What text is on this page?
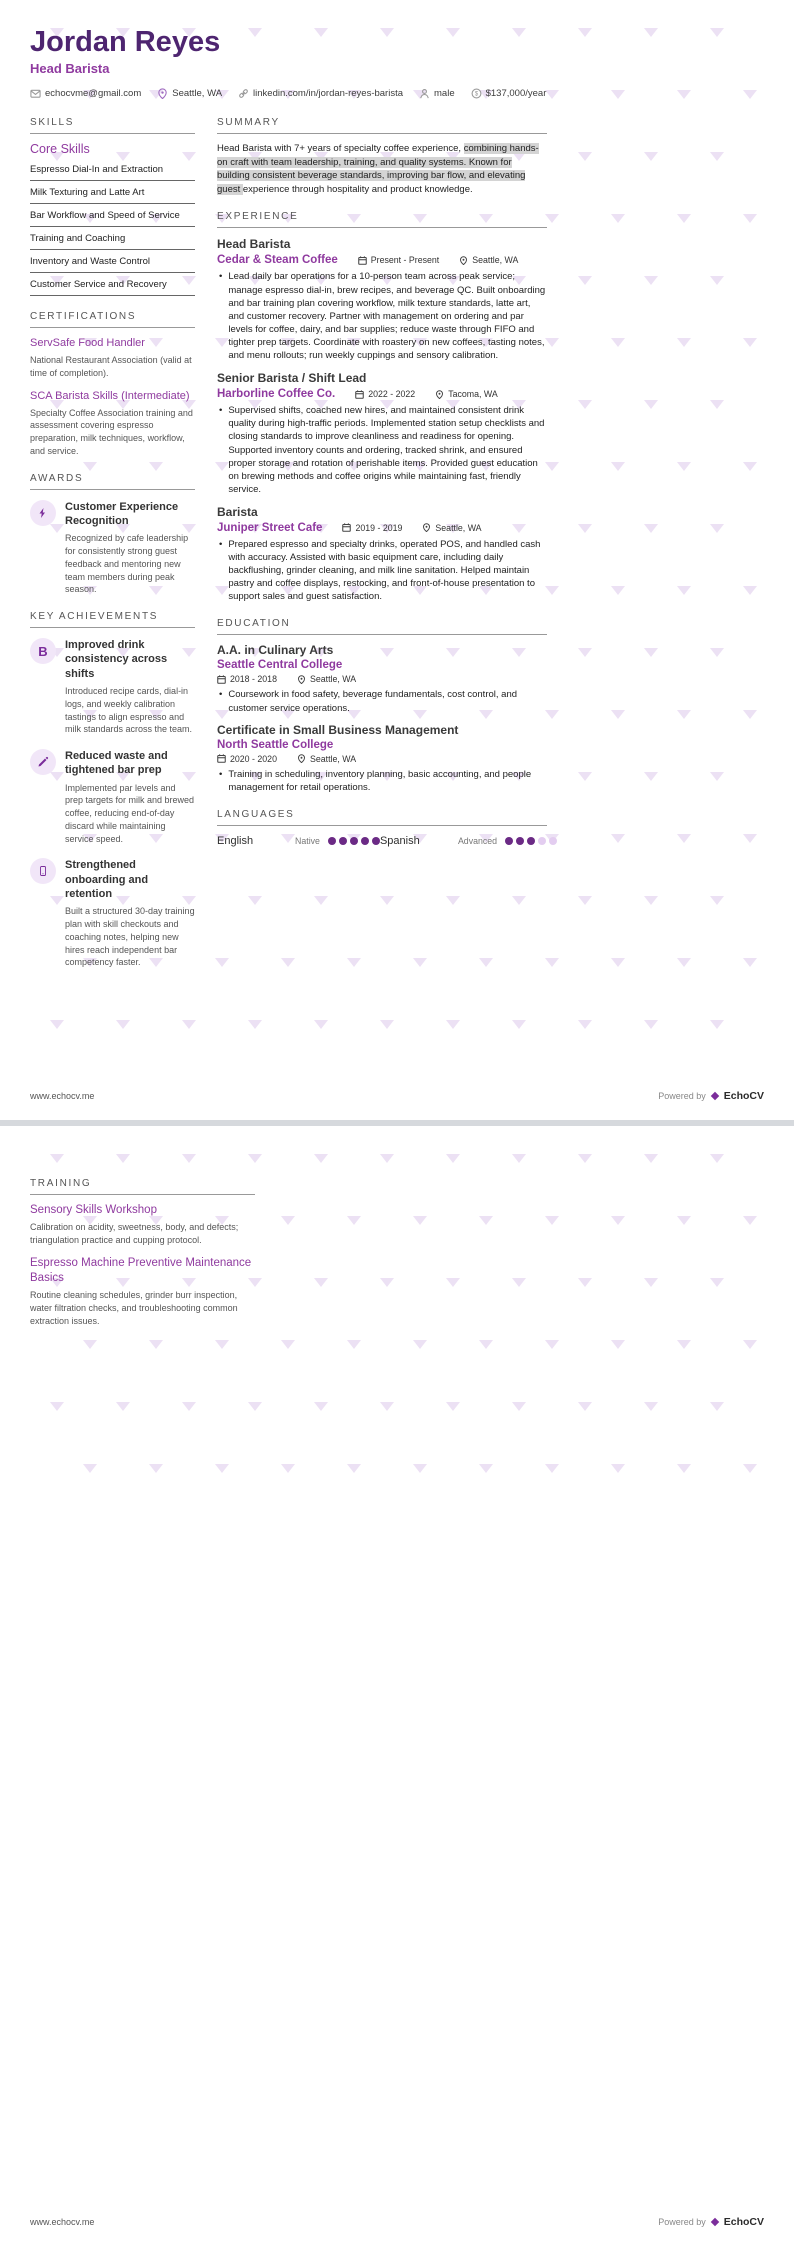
Jordan Reyes
Head Barista
echocvme@gmail.com	Seattle, WA	linkedin.com/in/jordan-reyes-barista	male	$ $137,000/year
SKILLS
Core Skills
Espresso Dial-In and Extraction
Milk Texturing and Latte Art
Bar Workflow and Speed of Service
Training and Coaching
Inventory and Waste Control
Customer Service and Recovery
CERTIFICATIONS
ServSafe Food Handler
National Restaurant Association (valid at time of completion).
SCA Barista Skills (Intermediate)
Specialty Coffee Association training and assessment covering espresso preparation, milk techniques, workflow, and service.
AWARDS
Customer Experience Recognition
Recognized by cafe leadership for consistently strong guest feedback and mentoring new team members during peak season.
KEY ACHIEVEMENTS
B Improved drink consistency across shifts
Introduced recipe cards, dial-in logs, and weekly calibration tastings to align espresso and milk standards across the team.
Reduced waste and tightened bar prep
Implemented par levels and prep targets for milk and brewed coffee, reducing end-of-day discard while maintaining service speed.
Strengthened onboarding and retention
Built a structured 30-day training plan with skill checkouts and coaching notes, helping new hires reach independent bar competency faster.
SUMMARY

Head Barista with 7+ years of specialty coffee experience, combining hands-on craft with team leadership, training, and quality systems. Known for building consistent beverage standards, improving bar flow, and elevating guest experience through hospitality and product knowledge.

EXPERIENCE
Head Barista
Cedar & Steam Coffee	Present - Present	Seattle, WA
• Lead daily bar operations for a 10-person team across peak service; manage espresso dial-in, brew recipes, and beverage QC. Built onboarding and bar training plan covering workflow, milk texture standards, latte art, and customer recovery. Partner with management on ordering and par levels for coffee, dairy, and bar supplies; reduce waste through FIFO and tighter prep targets. Coordinate with roastery on new coffees, tasting notes, and menu rollouts; run weekly cuppings and sensory calibration.
Senior Barista / Shift Lead
Harborline Coffee Co.	2022 - 2022	Tacoma, WA
• Supervised shifts, coached new hires, and maintained consistent drink quality during high-traffic periods. Implemented station setup checklists and closing standards to improve cleanliness and readiness for opening. Supported inventory counts and ordering, tracked shrink, and ensured proper storage and rotation of perishable items. Provided guest education on brewing methods and coffee origins while maintaining fast, friendly service.
Barista
Juniper Street Cafe	2019 - 2019	Seattle, WA
• Prepared espresso and specialty drinks, operated POS, and handled cash with accuracy. Assisted with basic equipment care, including daily backflushing, grinder cleaning, and milk line sanitation. Helped maintain pastry and coffee displays, restocking, and front-of-house presentation to support sales and guest satisfaction.
EDUCATION
A.A. in Culinary Arts
Seattle Central College
2018 - 2018	Seattle, WA
• Coursework in food safety, beverage fundamentals, cost control, and customer service operations.
Certificate in Small Business Management
North Seattle College
2020 - 2020	Seattle, WA
• Training in scheduling, inventory planning, basic accounting, and people management for retail operations.
LANGUAGES
English	Native	Spanish	Advanced
www.echocv.me	Powered by EchoCV
TRAINING
Sensory Skills Workshop
Calibration on acidity, sweetness, body, and defects; triangulation practice and cupping protocol.
Espresso Machine Preventive Maintenance Basics
Routine cleaning schedules, grinder burr inspection, water filtration checks, and troubleshooting common extraction issues.
www.echocv.me	Powered by EchoCV
